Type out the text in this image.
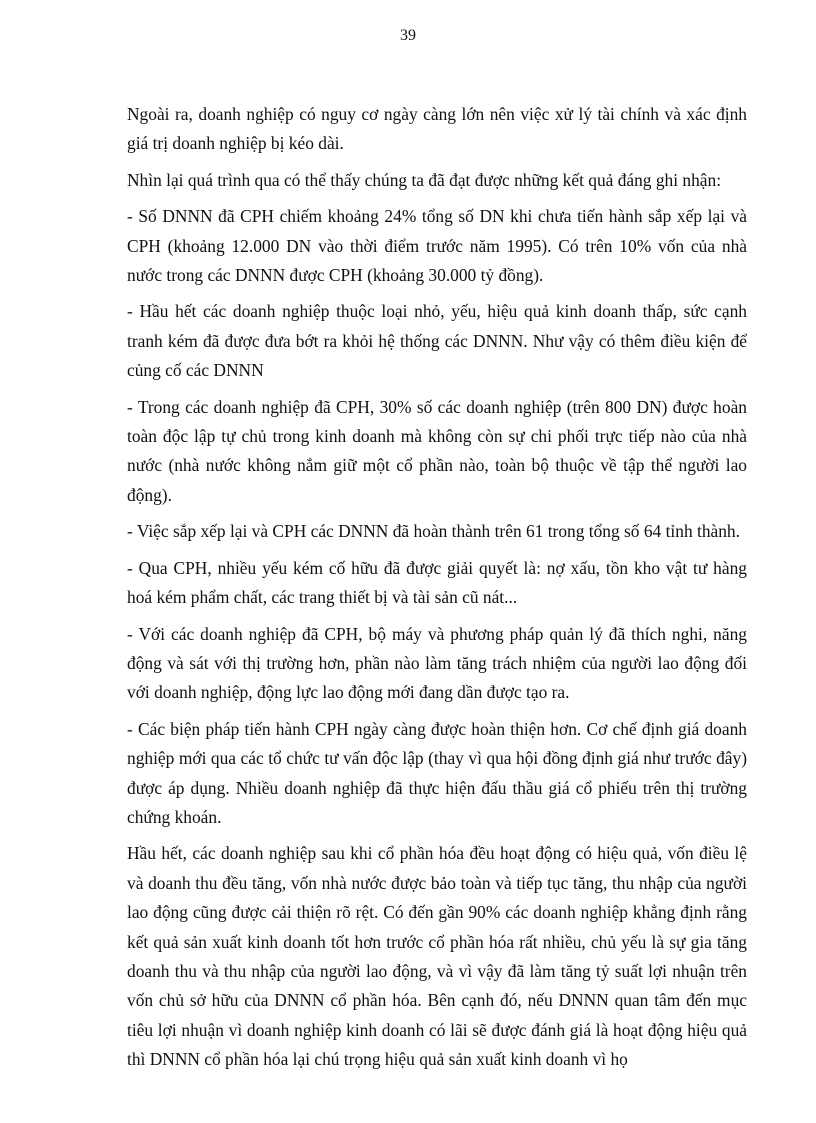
39

Ngoài ra, doanh nghiệp có nguy cơ ngày càng lớn nên việc xử lý tài chính và xác định giá trị doanh nghiệp bị kéo dài.

Nhìn lại quá trình qua có thể thấy chúng ta đã đạt được những kết quả đáng ghi nhận:

- Số DNNN đã CPH chiếm khoảng 24% tổng số DN khi chưa tiến hành sắp xếp lại và CPH (khoảng 12.000 DN vào thời điểm trước năm 1995). Có trên 10% vốn của nhà nước trong các DNNN được CPH (khoảng 30.000 tỷ đồng).

- Hầu hết các doanh nghiệp thuộc loại nhỏ, yếu, hiệu quả kinh doanh thấp, sức cạnh tranh kém đã được đưa bớt ra khỏi hệ thống các DNNN. Như vậy có thêm điều kiện để củng cố các DNNN

- Trong các doanh nghiệp đã CPH, 30% số các doanh nghiệp (trên 800 DN) được hoàn toàn độc lập tự chủ trong kinh doanh mà không còn sự chi phối trực tiếp nào của nhà nước (nhà nước không nắm giữ một cổ phần nào, toàn bộ thuộc về tập thể người lao động).

- Việc sắp xếp lại và CPH các DNNN đã hoàn thành trên 61 trong tổng số 64 tỉnh thành.

- Qua CPH, nhiều yếu kém cố hữu đã được giải quyết là: nợ xấu, tồn kho vật tư hàng hoá kém phẩm chất, các trang thiết bị và tài sản cũ nát...

- Với các doanh nghiệp đã CPH, bộ máy và phương pháp quản lý đã thích nghi, năng động và sát với thị trường hơn, phần nào làm tăng trách nhiệm của người lao động đối với doanh nghiệp, động lực lao động mới đang dần được tạo ra.

- Các biện pháp tiến hành CPH ngày càng được hoàn thiện hơn. Cơ chế định giá doanh nghiệp mới qua các tổ chức tư vấn độc lập (thay vì qua hội đồng định giá như trước đây) được áp dụng. Nhiều doanh nghiệp đã thực hiện đấu thầu giá cổ phiếu trên thị trường chứng khoán.

Hầu hết, các doanh nghiệp sau khi cổ phần hóa đều hoạt động có hiệu quả, vốn điều lệ và doanh thu đều tăng, vốn nhà nước được bảo toàn và tiếp tục tăng, thu nhập của người lao động cũng được cải thiện rõ rệt. Có đến gần 90% các doanh nghiệp khẳng định rằng kết quả sản xuất kinh doanh tốt hơn trước cổ phần hóa rất nhiều, chủ yếu là sự gia tăng doanh thu và thu nhập của người lao động, và vì vậy đã làm tăng tỷ suất lợi nhuận trên vốn chủ sở hữu của DNNN cổ phần hóa. Bên cạnh đó, nếu DNNN quan tâm đến mục tiêu lợi nhuận vì doanh nghiệp kinh doanh có lãi sẽ được đánh giá là hoạt động hiệu quả thì DNNN cổ phần hóa lại chú trọng hiệu quả sản xuất kinh doanh vì họ
